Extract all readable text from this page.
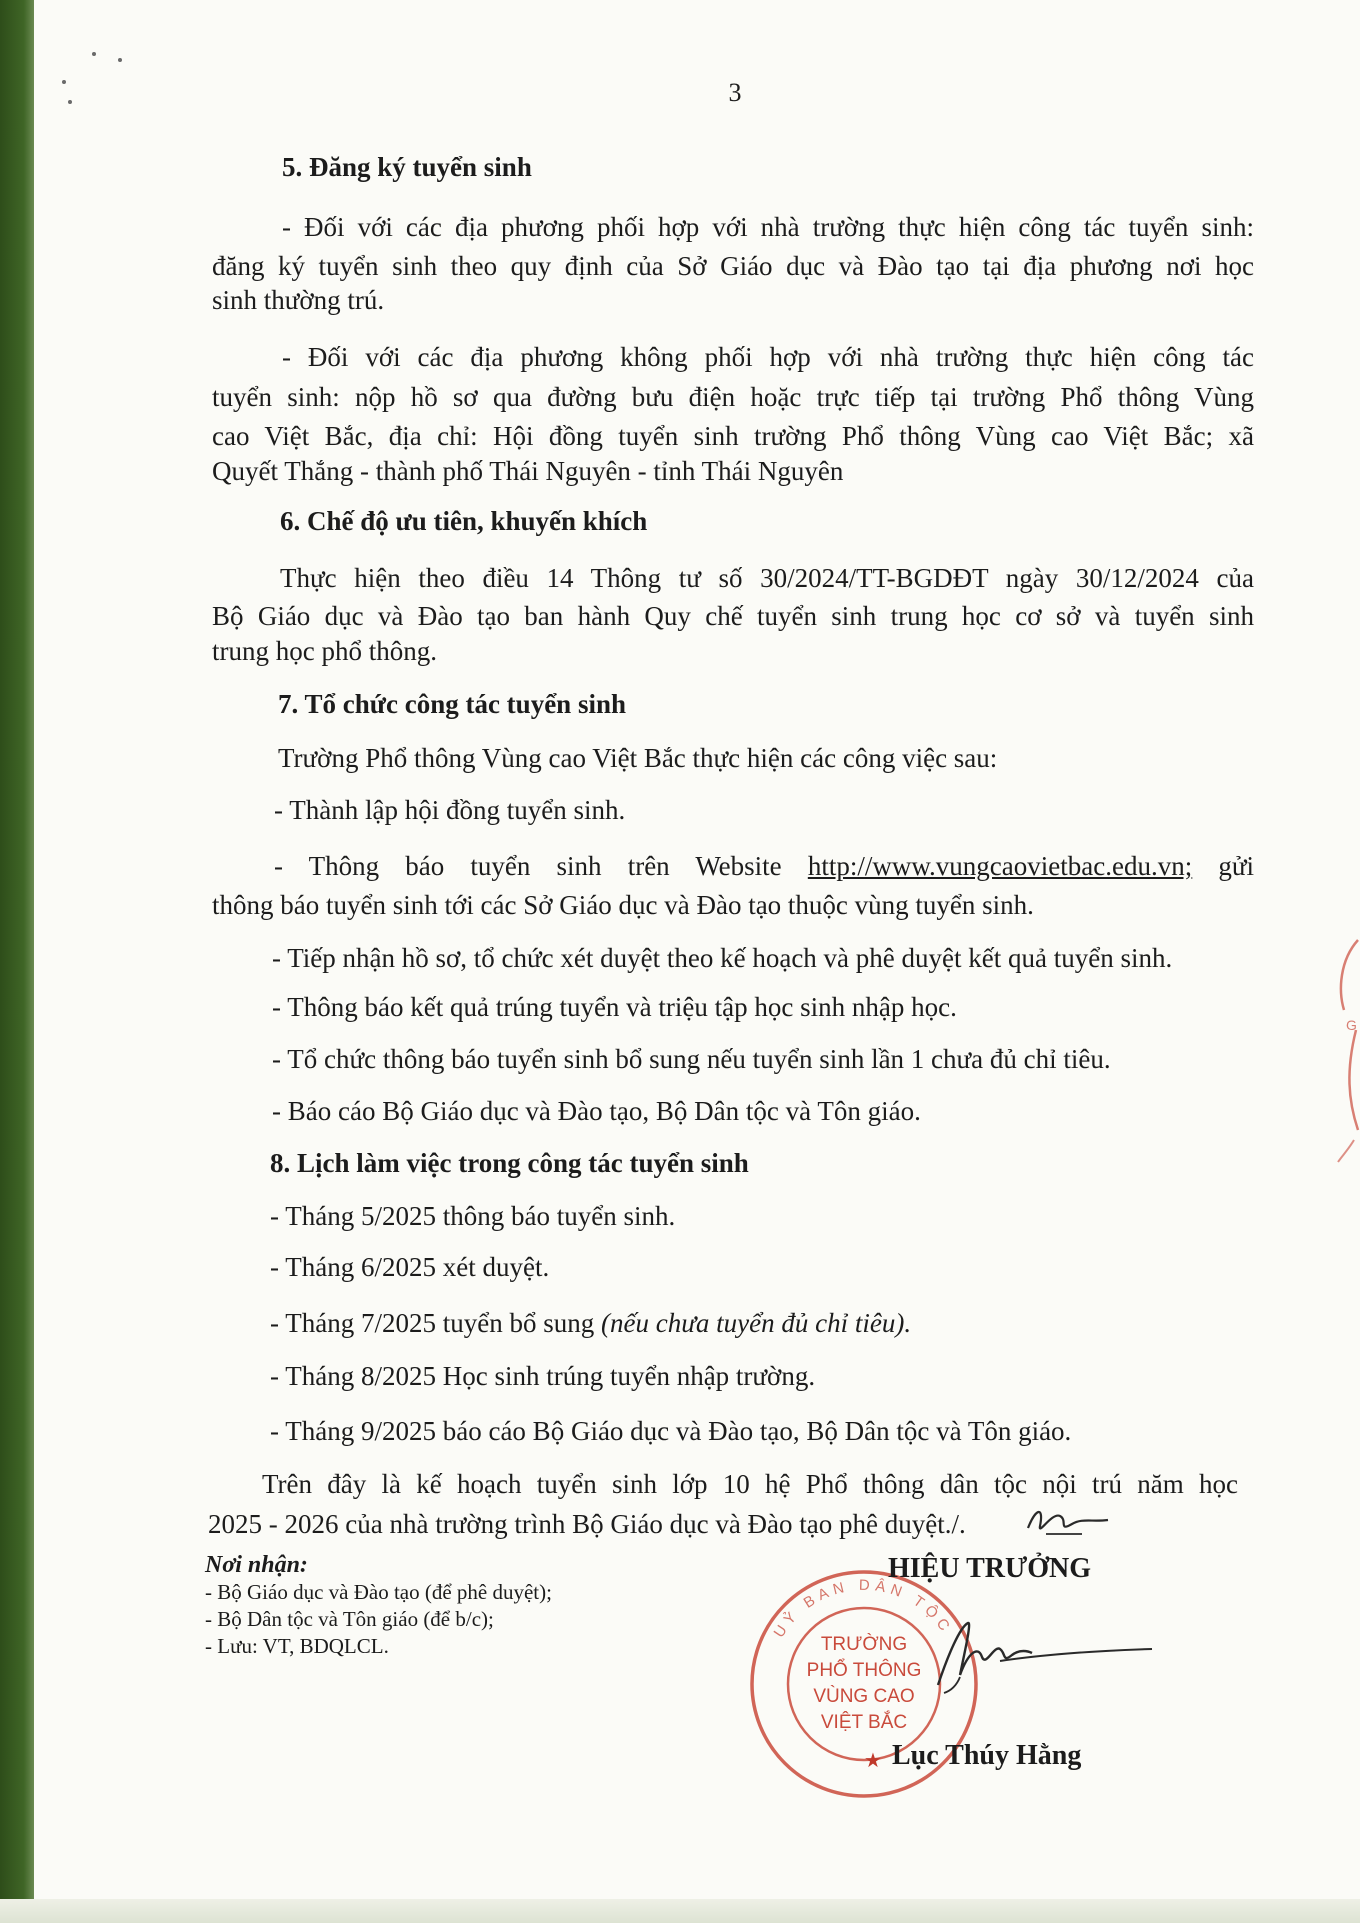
3
5. Đăng ký tuyển sinh
- Đối với các địa phương phối hợp với nhà trường thực hiện công tác tuyển sinh:
đăng ký tuyển sinh theo quy định của Sở Giáo dục và Đào tạo tại địa phương nơi học
sinh thường trú.
- Đối với các địa phương không phối hợp với nhà trường thực hiện công tác
tuyển sinh: nộp hồ sơ qua đường bưu điện hoặc trực tiếp tại trường Phổ thông Vùng
cao Việt Bắc, địa chỉ: Hội đồng tuyển sinh trường Phổ thông Vùng cao Việt Bắc; xã
Quyết Thắng - thành phố Thái Nguyên - tỉnh Thái Nguyên
6. Chế độ ưu tiên, khuyến khích
Thực hiện theo điều 14 Thông tư số 30/2024/TT-BGDĐT ngày 30/12/2024 của
Bộ Giáo dục và Đào tạo ban hành Quy chế tuyển sinh trung học cơ sở và tuyển sinh
trung học phổ thông.
7. Tổ chức công tác tuyển sinh
Trường Phổ thông Vùng cao Việt Bắc thực hiện các công việc sau:
- Thành lập hội đồng tuyển sinh.
- Thông báo tuyển sinh trên Website http://www.vungcaovietbac.edu.vn; gửi
thông báo tuyển sinh tới các Sở Giáo dục và Đào tạo thuộc vùng tuyển sinh.
- Tiếp nhận hồ sơ, tổ chức xét duyệt theo kế hoạch và phê duyệt kết quả tuyển sinh.
- Thông báo kết quả trúng tuyển và triệu tập học sinh nhập học.
- Tổ chức thông báo tuyển sinh bổ sung nếu tuyển sinh lần 1 chưa đủ chỉ tiêu.
- Báo cáo Bộ Giáo dục và Đào tạo, Bộ Dân tộc và Tôn giáo.
8. Lịch làm việc trong công tác tuyển sinh
- Tháng 5/2025 thông báo tuyển sinh.
- Tháng 6/2025 xét duyệt.
- Tháng 7/2025 tuyển bổ sung (nếu chưa tuyển đủ chỉ tiêu).
- Tháng 8/2025 Học sinh trúng tuyển nhập trường.
- Tháng 9/2025 báo cáo Bộ Giáo dục và Đào tạo, Bộ Dân tộc và Tôn giáo.
Trên đây là kế hoạch tuyển sinh lớp 10 hệ Phổ thông dân tộc nội trú năm học
2025 - 2026 của nhà trường trình Bộ Giáo dục và Đào tạo phê duyệt./.
Nơi nhận:
- Bộ Giáo dục và Đào tạo (để phê duyệt);
- Bộ Dân tộc và Tôn giáo (để b/c);
- Lưu: VT, BDQLCL.
UỶ BAN DÂN TỘC
TRƯỜNG
PHỔ THÔNG
VÙNG CAO
VIỆT BẮC
HIỆU TRƯỞNG
★ Lục Thúy Hằng
G
